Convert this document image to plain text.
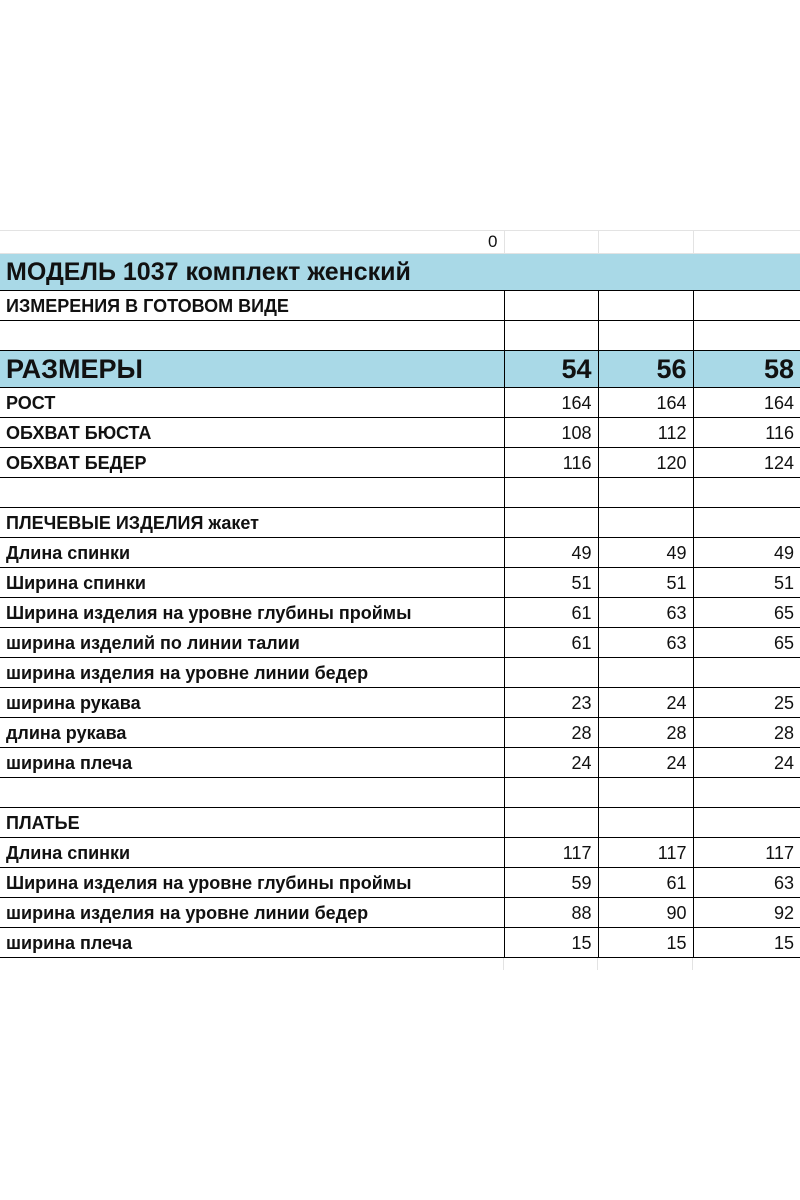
0			
МОДЕЛЬ 1037 комплект женский			
ИЗМЕРЕНИЯ В ГОТОВОМ ВИДЕ			

РАЗМЕРЫ	54	56	58
РОСТ	164	164	164
ОБХВАТ БЮСТА	108	112	116
ОБХВАТ БЕДЕР	116	120	124

ПЛЕЧЕВЫЕ ИЗДЕЛИЯ жакет			
Длина спинки	49	49	49
Ширина спинки	51	51	51
Ширина изделия на уровне глубины проймы	61	63	65
ширина изделий по линии талии	61	63	65
ширина изделия на уровне линии бедер			
ширина рукава	23	24	25
длина рукава	28	28	28
ширина плеча	24	24	24

ПЛАТЬЕ			
Длина спинки	117	117	117
Ширина изделия на уровне глубины проймы	59	61	63
ширина изделия на уровне линии бедер	88	90	92
ширина плеча	15	15	15
